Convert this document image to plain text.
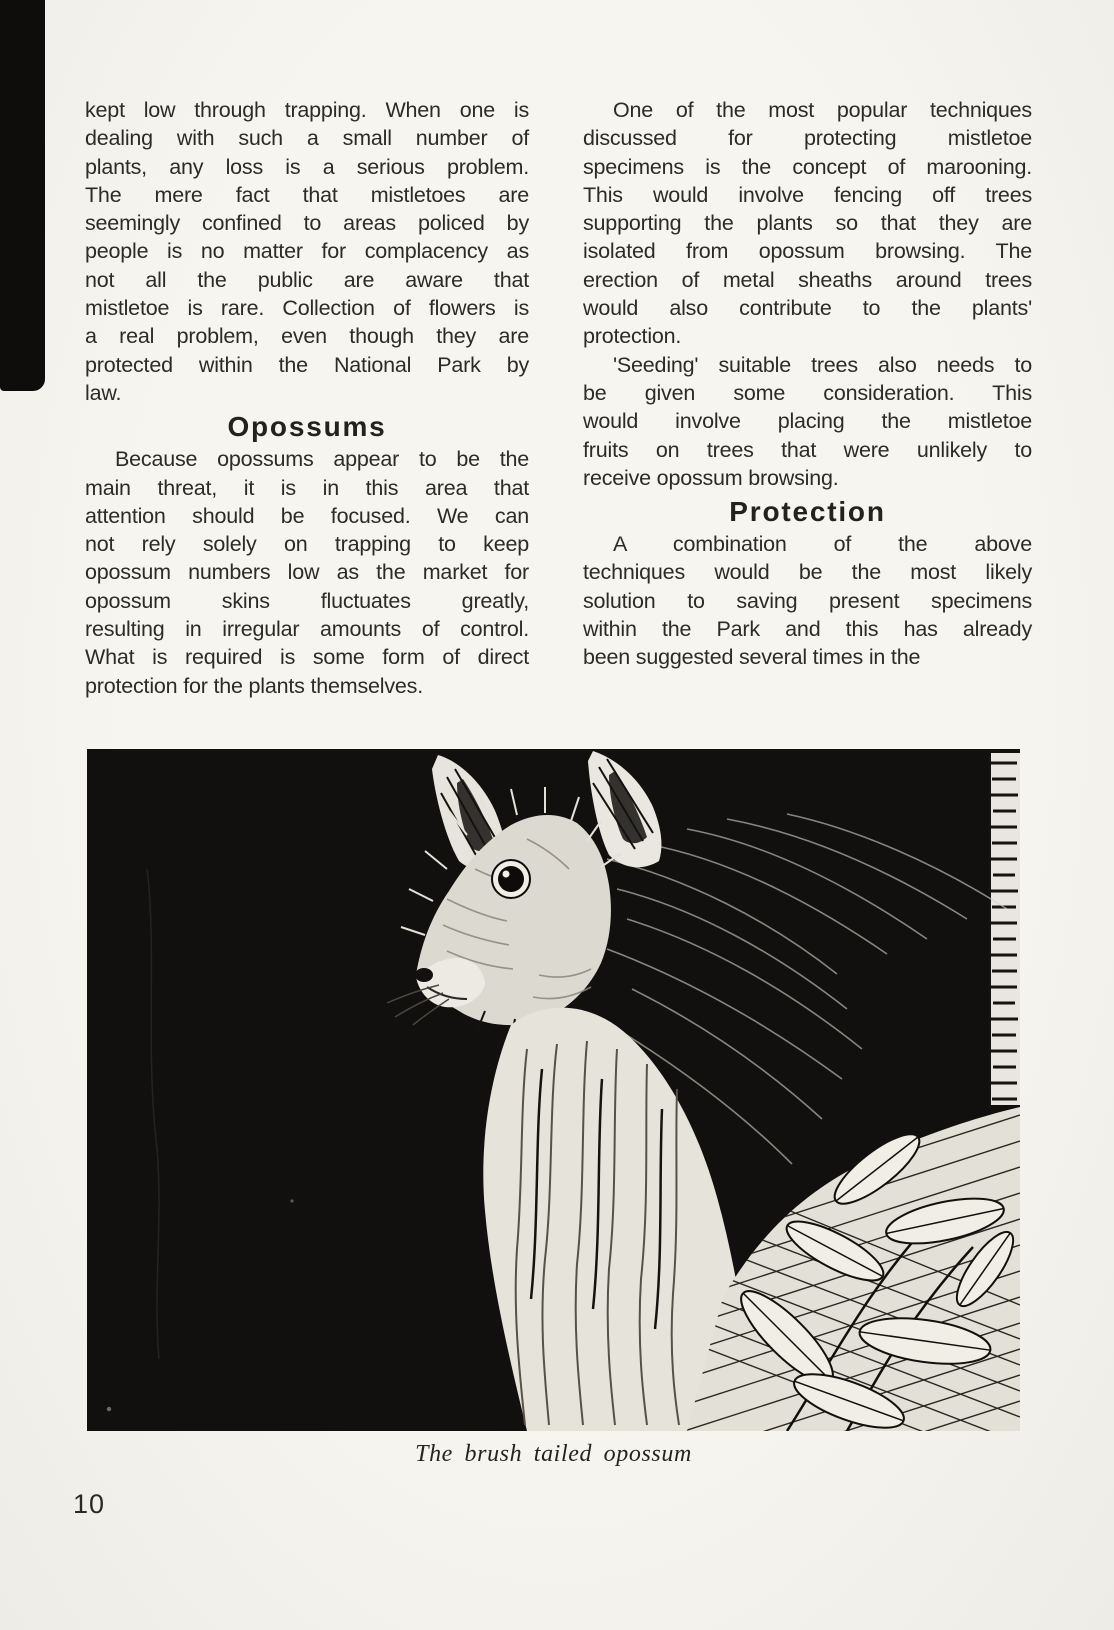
kept low through trapping. When one is
dealing with such a small number of
plants, any loss is a serious problem.
The mere fact that mistletoes are
seemingly confined to areas policed by
people is no matter for complacency as
not all the public are aware that
mistletoe is rare. Collection of flowers is
a real problem, even though they are
protected within the National Park by
law.
Opossums
Because opossums appear to be the
main threat, it is in this area that
attention should be focused. We can
not rely solely on trapping to keep
opossum numbers low as the market for
opossum skins fluctuates greatly,
resulting in irregular amounts of control.
What is required is some form of direct
protection for the plants themselves.
One of the most popular techniques
discussed for protecting mistletoe
specimens is the concept of marooning.
This would involve fencing off trees
supporting the plants so that they are
isolated from opossum browsing. The
erection of metal sheaths around trees
would also contribute to the plants'
protection.
'Seeding' suitable trees also needs to
be given some consideration. This
would involve placing the mistletoe
fruits on trees that were unlikely to
receive opossum browsing.
Protection
A combination of the above
techniques would be the most likely
solution to saving present specimens
within the Park and this has already
been suggested several times in the
The brush tailed opossum
10
